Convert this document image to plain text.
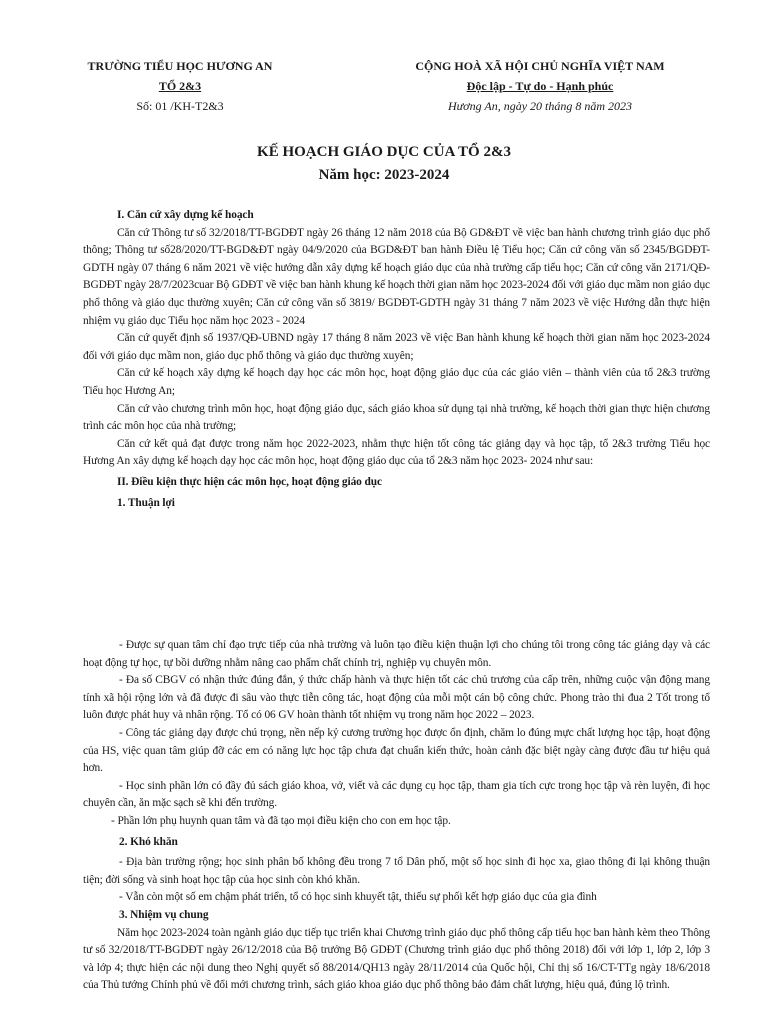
TRƯỜNG TIỂU HỌC HƯƠNG AN
TỔ 2&3
Số: 01 /KH-T2&3
CỘNG HOÀ XÃ HỘI CHỦ NGHĨA VIỆT NAM
Độc lập - Tự do - Hạnh phúc
Hương An, ngày 20 tháng 8 năm 2023
KẾ HOẠCH GIÁO DỤC CỦA TỔ 2&3
Năm học: 2023-2024

I. Căn cứ xây dựng kế hoạch

Căn cứ Thông tư số 32/2018/TT-BGDĐT ngày 26 tháng 12 năm 2018 của Bộ GD&ĐT về việc ban hành chương trình giáo dục phổ thông; Thông tư số28/2020/TT-BGD&ĐT ngày 04/9/2020 của BGD&ĐT ban hành Điều lệ Tiểu học; Căn cứ công văn số 2345/BGDĐT-GDTH ngày 07 tháng 6 năm 2021 về việc hướng dẫn xây dựng kế hoạch giáo dục của nhà trường cấp tiểu học; Căn cứ công văn 2171/QĐ-BGDĐT ngày 28/7/2023cuar Bộ GDĐT về việc ban hành khung kế hoạch thời gian năm học 2023-2024 đối với giáo dục mầm non giáo dục phổ thông và giáo dục thường xuyên; Căn cứ công văn số 3819/ BGDĐT-GDTH ngày 31 tháng 7 năm 2023 về việc Hướng dẫn thực hiện nhiệm vụ giáo dục Tiểu học năm học 2023 - 2024

Căn cứ quyết định số 1937/QĐ-UBND ngày 17 tháng 8 năm 2023 về việc Ban hành khung kế hoạch thời gian năm học 2023-2024 đối với giáo dục mầm non, giáo dục phổ thông và giáo dục thường xuyên;

Căn cứ kế hoạch xây dựng kế hoạch dạy học các môn học, hoạt động giáo dục của các giáo viên – thành viên của tổ 2&3 trường Tiểu học Hương An;

Căn cứ vào chương trình môn học, hoạt động giáo dục, sách giáo khoa sử dụng tại nhà trường, kế hoạch thời gian thực hiện chương trình các môn học của nhà trường;

Căn cứ kết quả đạt được trong năm học 2022-2023, nhằm thực hiện tốt công tác giảng dạy và học tập, tổ 2&3 trường Tiểu học Hương An xây dựng kế hoạch dạy học các môn học, hoạt động giáo dục của tổ 2&3 năm học 2023- 2024 như sau:

II. Điều kiện thực hiện các môn học, hoạt động giáo dục

1. Thuận lợi

- Được sự quan tâm chỉ đạo trực tiếp của nhà trường và luôn tạo điều kiện thuận lợi cho chúng tôi trong công tác giảng dạy và các hoạt động tự học, tự bồi dưỡng nhằm nâng cao phẩm chất chính trị, nghiệp vụ chuyên môn.

- Đa số CBGV có nhận thức đúng đắn, ý thức chấp hành và thực hiện tốt các chủ trương của cấp trên, những cuộc vận động mang tính xã hội rộng lớn và đã được đi sâu vào thực tiễn công tác, hoạt động của mỗi một cán bộ công chức. Phong trào thi đua 2 Tốt trong tổ luôn được phát huy và nhân rộng. Tổ có 06 GV hoàn thành tốt nhiệm vụ trong năm học 2022 – 2023.

- Công tác giảng dạy được chú trọng, nền nếp kỷ cương trường học được ổn định, chăm lo đúng mực chất lượng học tập, hoạt động của HS, việc quan tâm giúp đỡ các em có năng lực học tập chưa đạt chuẩn kiến thức, hoàn cảnh đặc biệt ngày càng được đầu tư hiệu quả hơn.

- Học sinh phần lớn có đầy đủ sách giáo khoa, vở, viết và các dụng cụ học tập, tham gia tích cực trong học tập và rèn luyện, đi học chuyên cần, ăn mặc sạch sẽ khi đến trường.

- Phần lớn phụ huynh quan tâm và đã tạo mọi điều kiện cho con em học tập.

2. Khó khăn

- Địa bàn trường rộng; học sinh phân bố không đều trong 7 tổ Dân phố, một số học sinh đi học xa, giao thông đi lại không thuận tiện; đời sống và sinh hoạt học tập của học sinh còn khó khăn.

- Vẫn còn một số em chậm phát triển, tổ có học sinh khuyết tật, thiếu sự phối kết hợp giáo dục của gia đình

3. Nhiệm vụ chung

Năm học 2023-2024 toàn ngành giáo dục tiếp tục triển khai Chương trình giáo dục phổ thông cấp tiểu học ban hành kèm theo Thông tư số 32/2018/TT-BGDĐT ngày 26/12/2018 của Bộ trưởng Bộ GDĐT (Chương trình giáo dục phổ thông 2018) đối với lớp 1, lớp 2, lớp 3 và lớp 4; thực hiện các nội dung theo Nghị quyết số 88/2014/QH13 ngày 28/11/2014 của Quốc hội, Chỉ thị số 16/CT-TTg ngày 18/6/2018 của Thủ tướng Chính phủ về đổi mới chương trình, sách giáo khoa giáo dục phổ thông bảo đảm chất lượng, hiệu quả, đúng lộ trình.
